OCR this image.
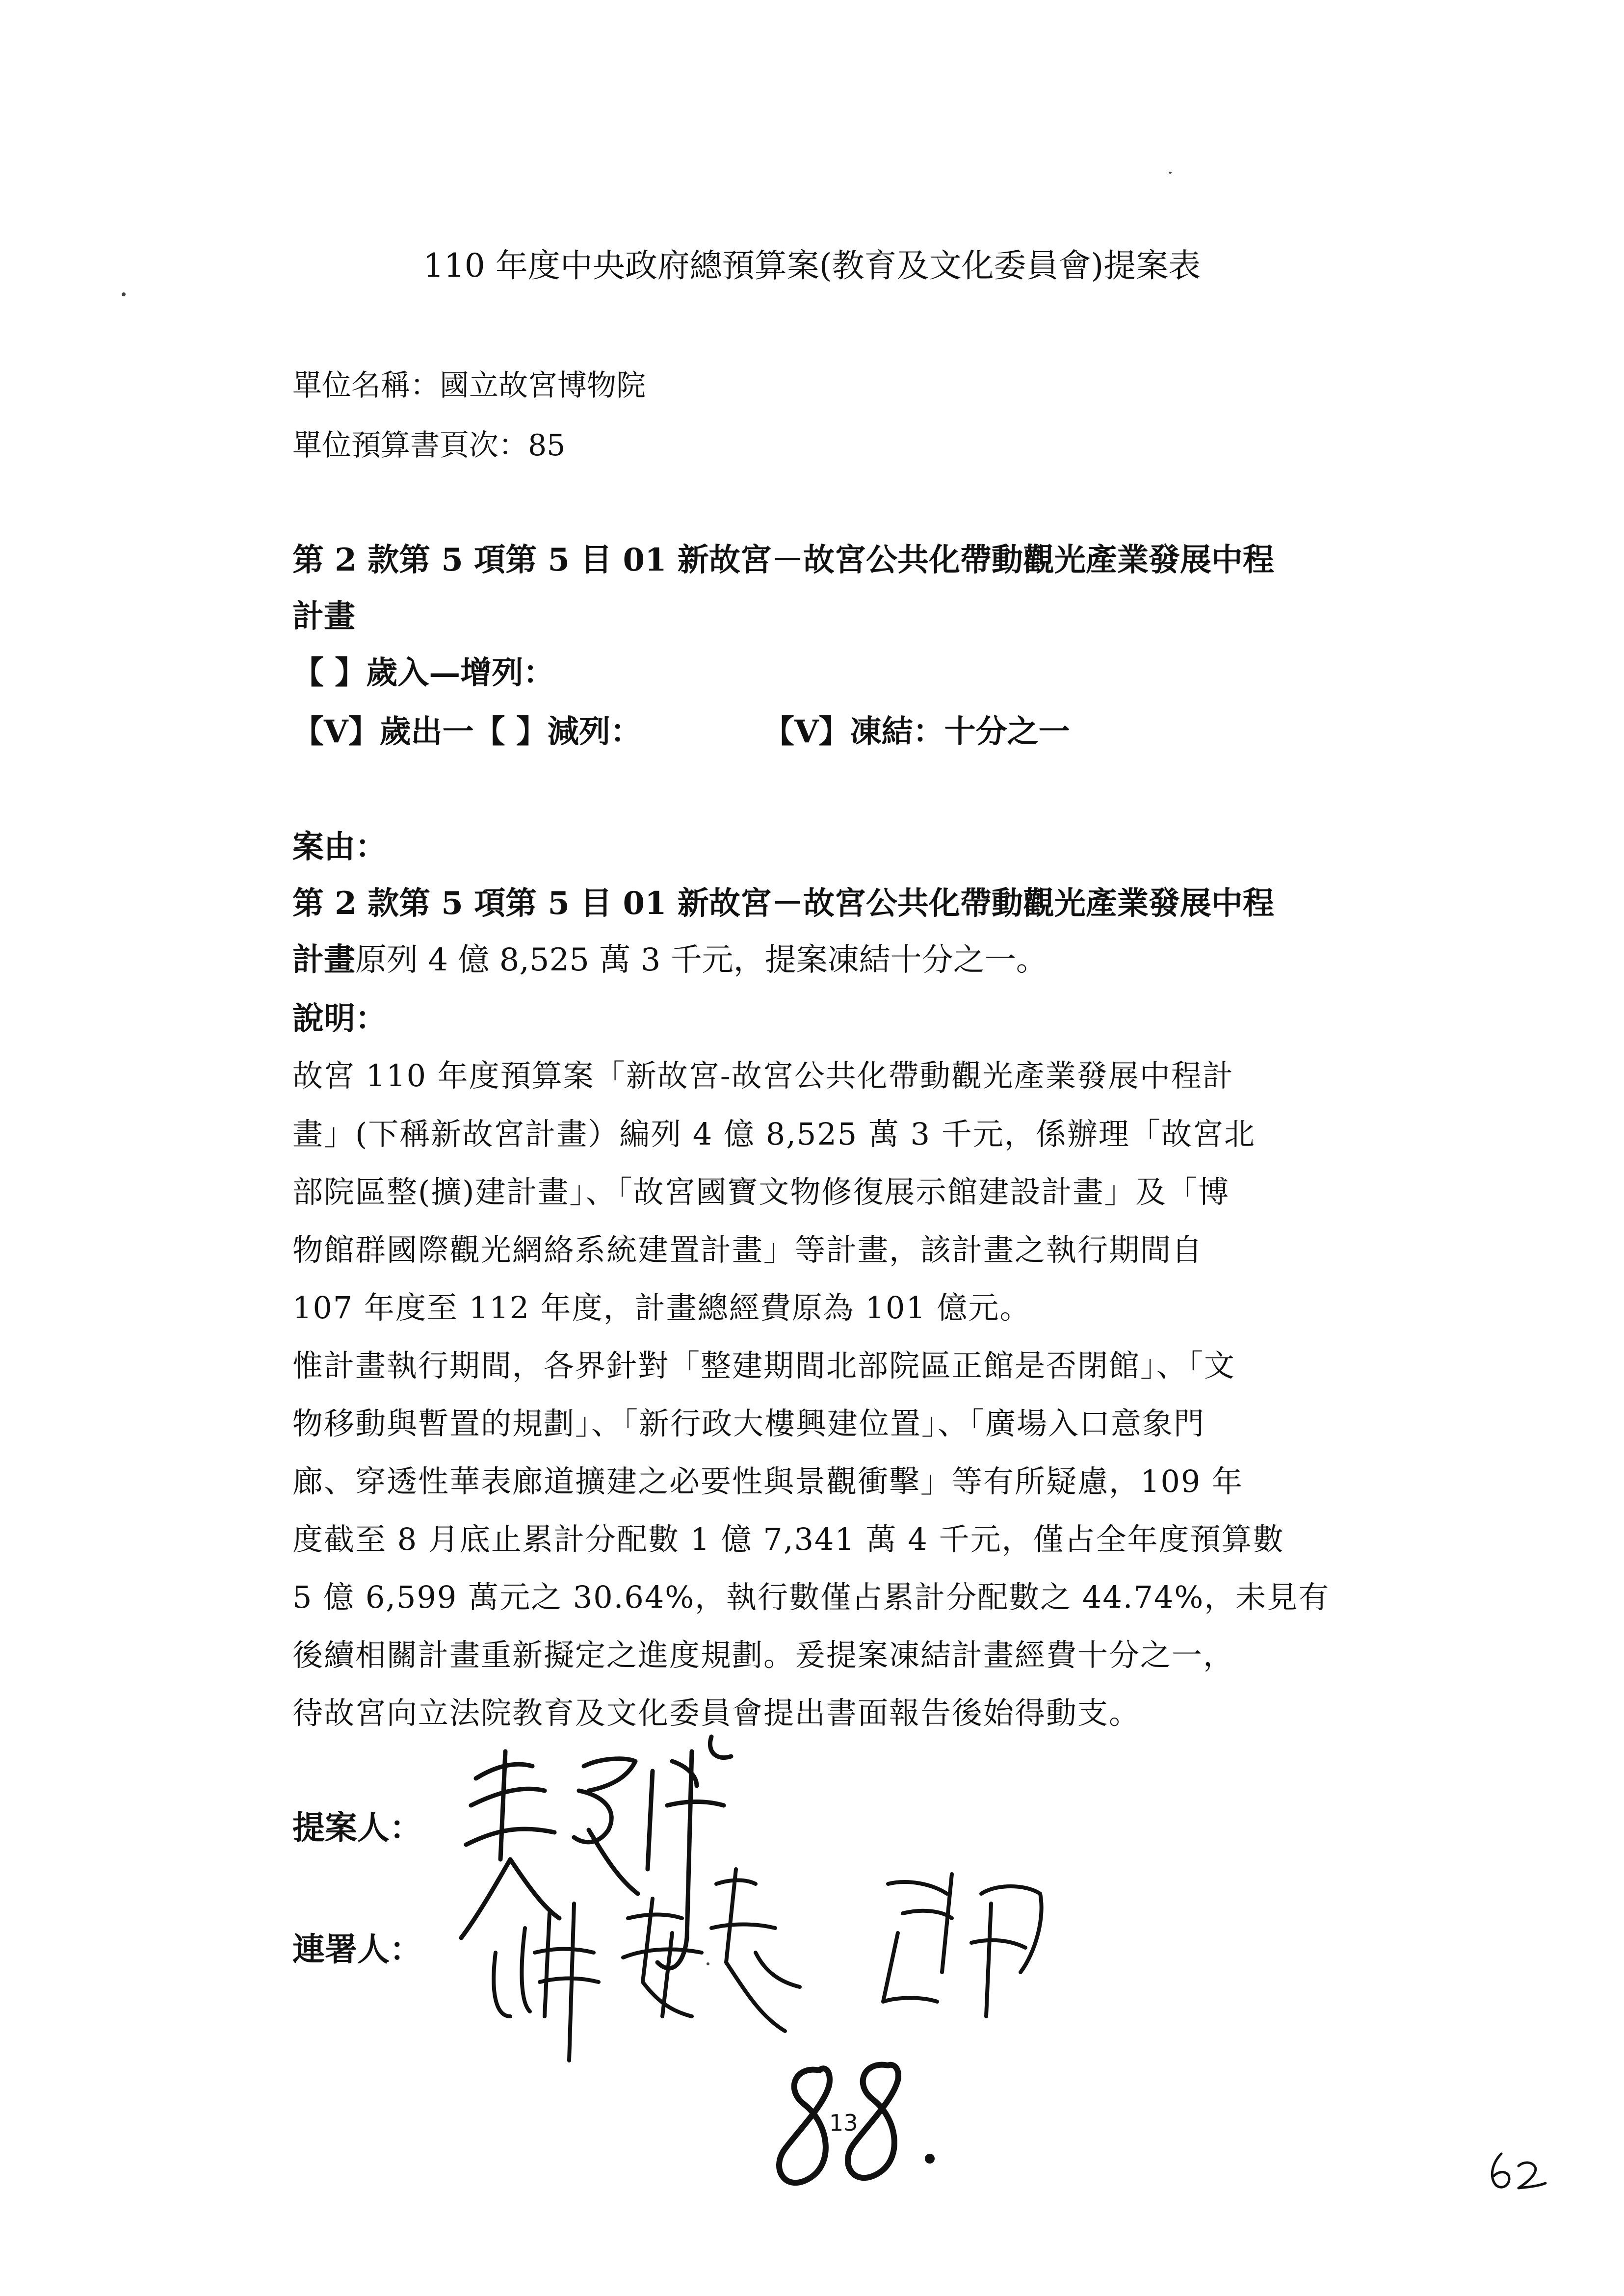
110 年度中央政府總預算案(教育及文化委員會)提案表
單位名稱：國立故宮博物院
單位預算書頁次：85
第 2 款第 5 項第 5 目 01 新故宮－故宮公共化帶動觀光產業發展中程
計畫
【 】歲入—增列：
【V】歲出一【 】減列：	【V】凍結：十分之一
案由：
第 2 款第 5 項第 5 目 01 新故宮－故宮公共化帶動觀光產業發展中程
計畫原列 4 億 8,525 萬 3 千元，提案凍結十分之一。
說明：
故宮 110 年度預算案「新故宮-故宮公共化帶動觀光產業發展中程計
畫」(下稱新故宮計畫）編列 4 億 8,525 萬 3 千元，係辦理「故宮北
部院區整(擴)建計畫」、「故宮國寶文物修復展示館建設計畫」及「博
物館群國際觀光網絡系統建置計畫」等計畫，該計畫之執行期間自
107 年度至 112 年度，計畫總經費原為 101 億元。
惟計畫執行期間，各界針對「整建期間北部院區正館是否閉館」、「文
物移動與暫置的規劃」、「新行政大樓興建位置」、「廣場入口意象門
廊、穿透性華表廊道擴建之必要性與景觀衝擊」等有所疑慮，109 年
度截至 8 月底止累計分配數 1 億 7,341 萬 4 千元，僅占全年度預算數
5 億 6,599 萬元之 30.64%，執行數僅占累計分配數之 44.74%，未見有
後續相關計畫重新擬定之進度規劃。爰提案凍結計畫經費十分之一，
待故宮向立法院教育及文化委員會提出書面報告後始得動支。
提案人：
連署人：
13
